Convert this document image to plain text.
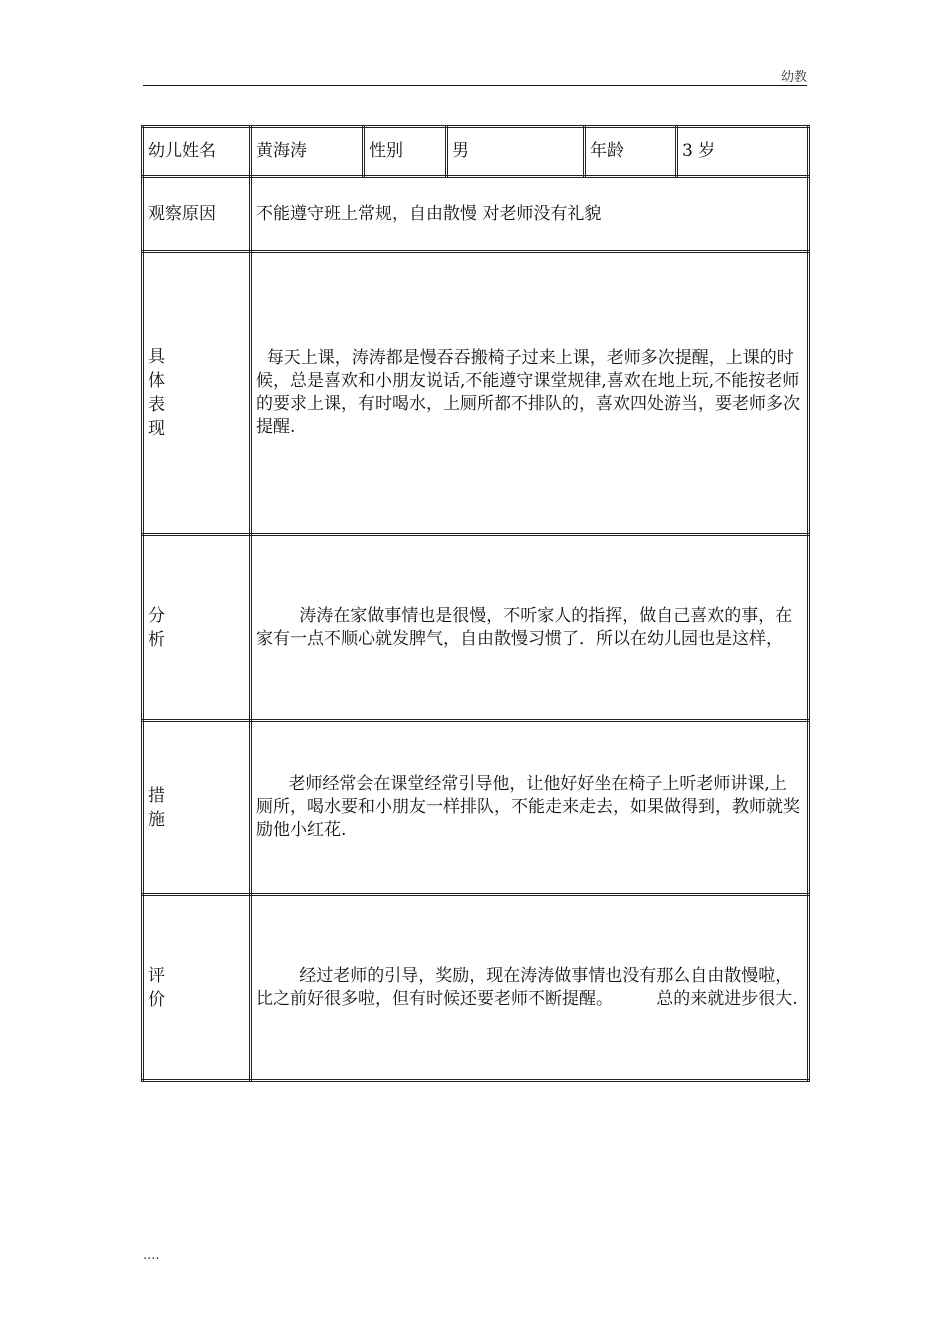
幼教
幼儿姓名	黄海涛	性别	男	年龄	3 岁
观察原因	不能遵守班上常规，自由散慢 对老师没有礼貌				

具体表现	每天上课，涛涛都是慢吞吞搬椅子过来上课，老师多次提醒，上课的时候，总是喜欢和小朋友说话,不能遵守课堂规律,喜欢在地上玩,不能按老师的要求上课，有时喝水，上厕所都不排队的，喜欢四处游当，要老师多次提醒.				

分析	涛涛在家做事情也是很慢，不听家人的指挥，做自己喜欢的事，在家有一点不顺心就发脾气，自由散慢习惯了．所以在幼儿园也是这样，				

措施	老师经常会在课堂经常引导他，让他好好坐在椅子上听老师讲课,上厕所，喝水要和小朋友一样排队，不能走来走去，如果做得到，教师就奖励他小红花.				

评价	经过老师的引导，奖励，现在涛涛做事情也没有那么自由散慢啦，比之前好很多啦，但有时候还要老师不断提醒。        总的来就进步很大.				
....
